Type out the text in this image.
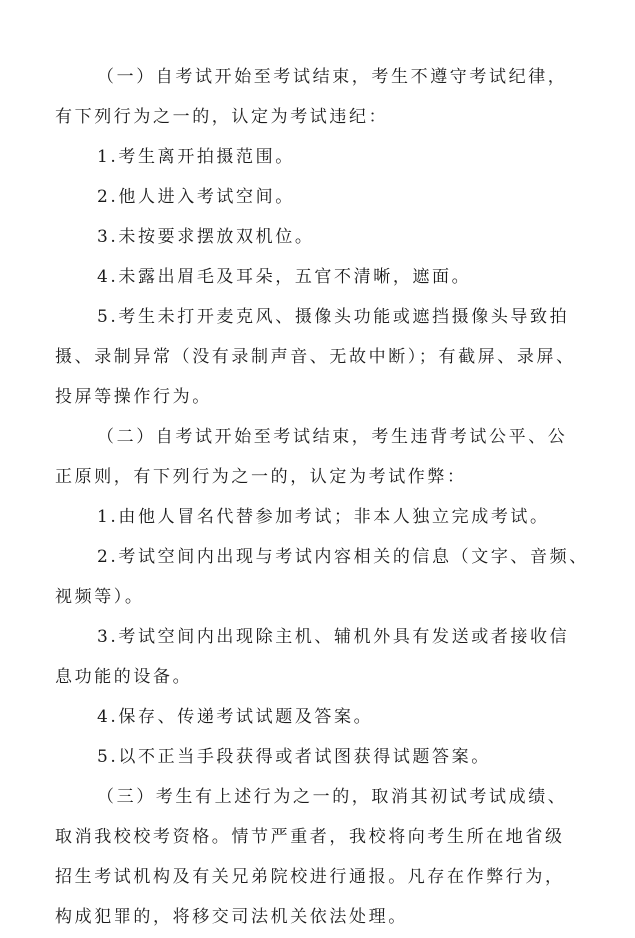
（一）自考试开始至考试结束，考生不遵守考试纪律，
有下列行为之一的，认定为考试违纪：
1.考生离开拍摄范围。
2.他人进入考试空间。
3.未按要求摆放双机位。
4.未露出眉毛及耳朵，五官不清晰，遮面。
5.考生未打开麦克风、摄像头功能或遮挡摄像头导致拍
摄、录制异常（没有录制声音、无故中断）；有截屏、录屏、
投屏等操作行为。
（二）自考试开始至考试结束，考生违背考试公平、公
正原则，有下列行为之一的，认定为考试作弊：
1.由他人冒名代替参加考试；非本人独立完成考试。
2.考试空间内出现与考试内容相关的信息（文字、音频、
视频等）。
3.考试空间内出现除主机、辅机外具有发送或者接收信
息功能的设备。
4.保存、传递考试试题及答案。
5.以不正当手段获得或者试图获得试题答案。
（三）考生有上述行为之一的，取消其初试考试成绩、
取消我校校考资格。情节严重者，我校将向考生所在地省级
招生考试机构及有关兄弟院校进行通报。凡存在作弊行为，
构成犯罪的，将移交司法机关依法处理。
